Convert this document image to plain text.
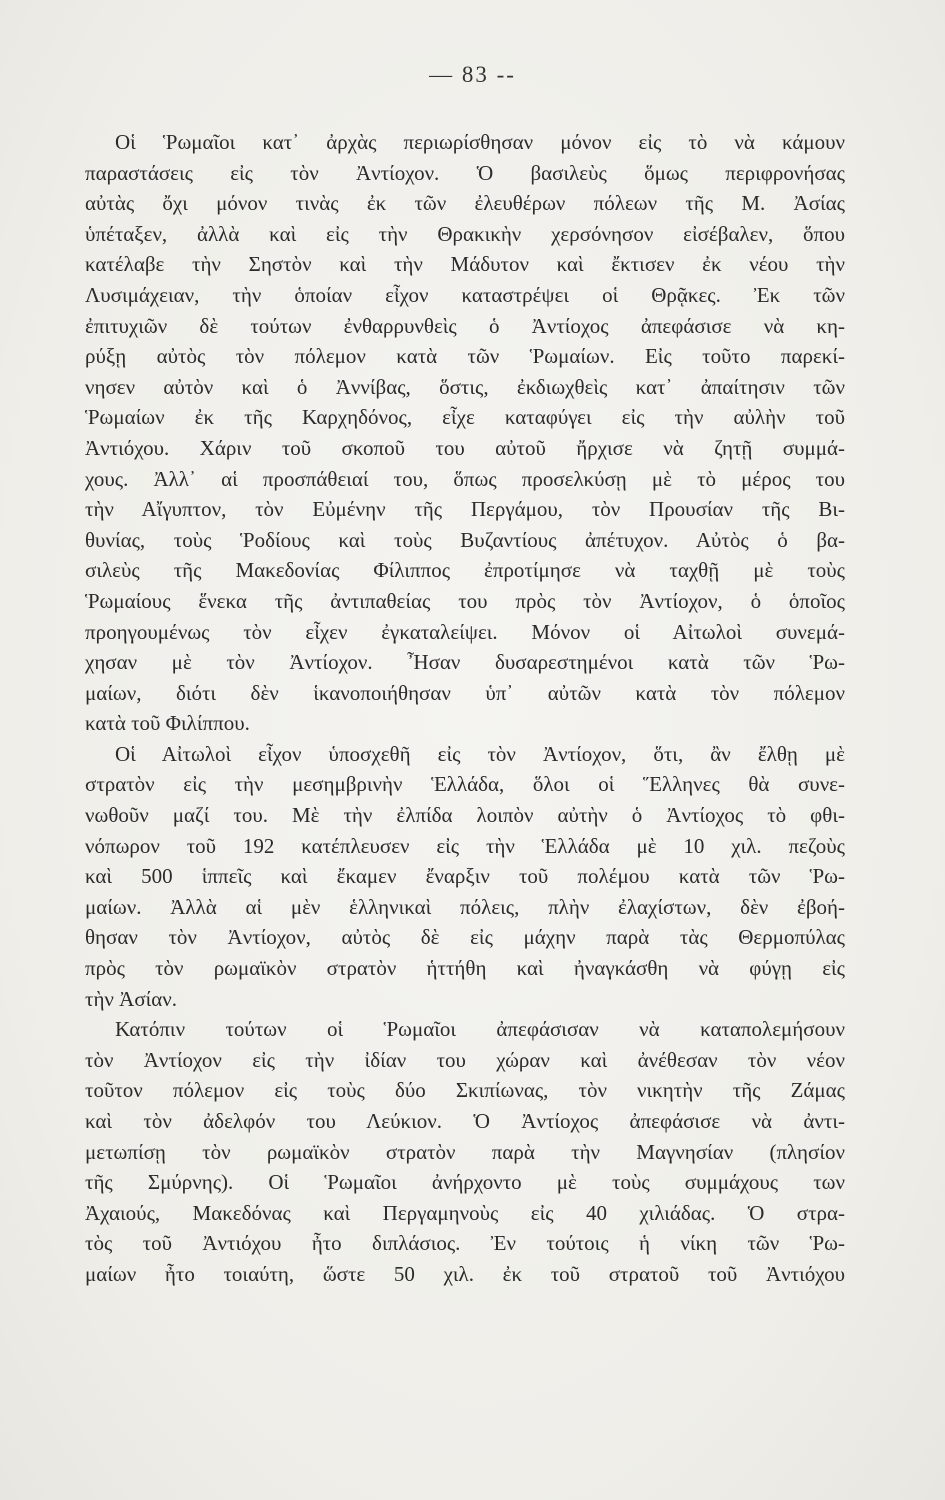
— 83 --
Οἱ Ῥωμαῖοι κατ᾽ ἀρχὰς περιωρίσθησαν μόνον εἰς τὸ νὰ κάμουν
παραστάσεις εἰς τὸν Ἀντίοχον. Ὁ βασιλεὺς ὅμως περιφρονήσας
αὐτὰς ὄχι μόνον τινὰς ἐκ τῶν ἐλευθέρων πόλεων τῆς Μ. Ἀσίας
ὑπέταξεν, ἀλλὰ καὶ εἰς τὴν Θρακικὴν χερσόνησον εἰσέβαλεν, ὅπου
κατέλαβε τὴν Σηστὸν καὶ τὴν Μάδυτον καὶ ἔκτισεν ἐκ νέου τὴν
Λυσιμάχειαν, τὴν ὁποίαν εἶχον καταστρέψει οἱ Θρᾷκες. Ἐκ τῶν
ἐπιτυχιῶν δὲ τούτων ἐνθαρρυνθεὶς ὁ Ἀντίοχος ἀπεφάσισε νὰ κη-
ρύξῃ αὐτὸς τὸν πόλεμον κατὰ τῶν Ῥωμαίων. Εἰς τοῦτο παρεκί-
νησεν αὐτὸν καὶ ὁ Ἀννίβας, ὅστις, ἐκδιωχθεὶς κατ᾽ ἀπαίτησιν τῶν
Ῥωμαίων ἐκ τῆς Καρχηδόνος, εἶχε καταφύγει εἰς τὴν αὐλὴν τοῦ
Ἀντιόχου. Χάριν τοῦ σκοποῦ του αὐτοῦ ἤρχισε νὰ ζητῇ συμμά-
χους. Ἀλλ᾽ αἱ προσπάθειαί του, ὅπως προσελκύσῃ μὲ τὸ μέρος του
τὴν Αἴγυπτον, τὸν Εὐμένην τῆς Περγάμου, τὸν Προυσίαν τῆς Βι-
θυνίας, τοὺς Ῥοδίους καὶ τοὺς Βυζαντίους ἀπέτυχον. Αὐτὸς ὁ βα-
σιλεὺς τῆς Μακεδονίας Φίλιππος ἐπροτίμησε νὰ ταχθῇ μὲ τοὺς
Ῥωμαίους ἕνεκα τῆς ἀντιπαθείας του πρὸς τὸν Ἀντίοχον, ὁ ὁποῖος
προηγουμένως τὸν εἶχεν ἐγκαταλείψει. Μόνον οἱ Αἰτωλοὶ συνεμά-
χησαν μὲ τὸν Ἀντίοχον. Ἦσαν δυσαρεστημένοι κατὰ τῶν Ῥω-
μαίων, διότι δὲν ἱκανοποιήθησαν ὑπ᾽ αὐτῶν κατὰ τὸν πόλεμον
κατὰ τοῦ Φιλίππου.
Οἱ Αἰτωλοὶ εἶχον ὑποσχεθῆ εἰς τὸν Ἀντίοχον, ὅτι, ἂν ἔλθῃ μὲ
στρατὸν εἰς τὴν μεσημβρινὴν Ἑλλάδα, ὅλοι οἱ Ἕλληνες θὰ συνε-
νωθοῦν μαζί του. Μὲ τὴν ἐλπίδα λοιπὸν αὐτὴν ὁ Ἀντίοχος τὸ φθι-
νόπωρον τοῦ 192 κατέπλευσεν εἰς τὴν Ἑλλάδα μὲ 10 χιλ. πεζοὺς
καὶ 500 ἱππεῖς καὶ ἔκαμεν ἔναρξιν τοῦ πολέμου κατὰ τῶν Ῥω-
μαίων. Ἀλλὰ αἱ μὲν ἑλληνικαὶ πόλεις, πλὴν ἐλαχίστων, δὲν ἐβοή-
θησαν τὸν Ἀντίοχον, αὐτὸς δὲ εἰς μάχην παρὰ τὰς Θερμοπύλας
πρὸς τὸν ρωμαϊκὸν στρατὸν ἡττήθη καὶ ἠναγκάσθη νὰ φύγῃ εἰς
τὴν Ἀσίαν.
Κατόπιν τούτων οἱ Ῥωμαῖοι ἀπεφάσισαν νὰ καταπολεμήσουν
τὸν Ἀντίοχον εἰς τὴν ἰδίαν του χώραν καὶ ἀνέθεσαν τὸν νέον
τοῦτον πόλεμον εἰς τοὺς δύο Σκιπίωνας, τὸν νικητὴν τῆς Ζάμας
καὶ τὸν ἀδελφόν του Λεύκιον. Ὁ Ἀντίοχος ἀπεφάσισε νὰ ἀντι-
μετωπίσῃ τὸν ρωμαϊκὸν στρατὸν παρὰ τὴν Μαγνησίαν (πλησίον
τῆς Σμύρνης). Οἱ Ῥωμαῖοι ἀνήρχοντο μὲ τοὺς συμμάχους των
Ἀχαιούς, Μακεδόνας καὶ Περγαμηνοὺς εἰς 40 χιλιάδας. Ὁ στρα-
τὸς τοῦ Ἀντιόχου ἦτο διπλάσιος. Ἐν τούτοις ἡ νίκη τῶν Ῥω-
μαίων ἦτο τοιαύτη, ὥστε 50 χιλ. ἐκ τοῦ στρατοῦ τοῦ Ἀντιόχου
